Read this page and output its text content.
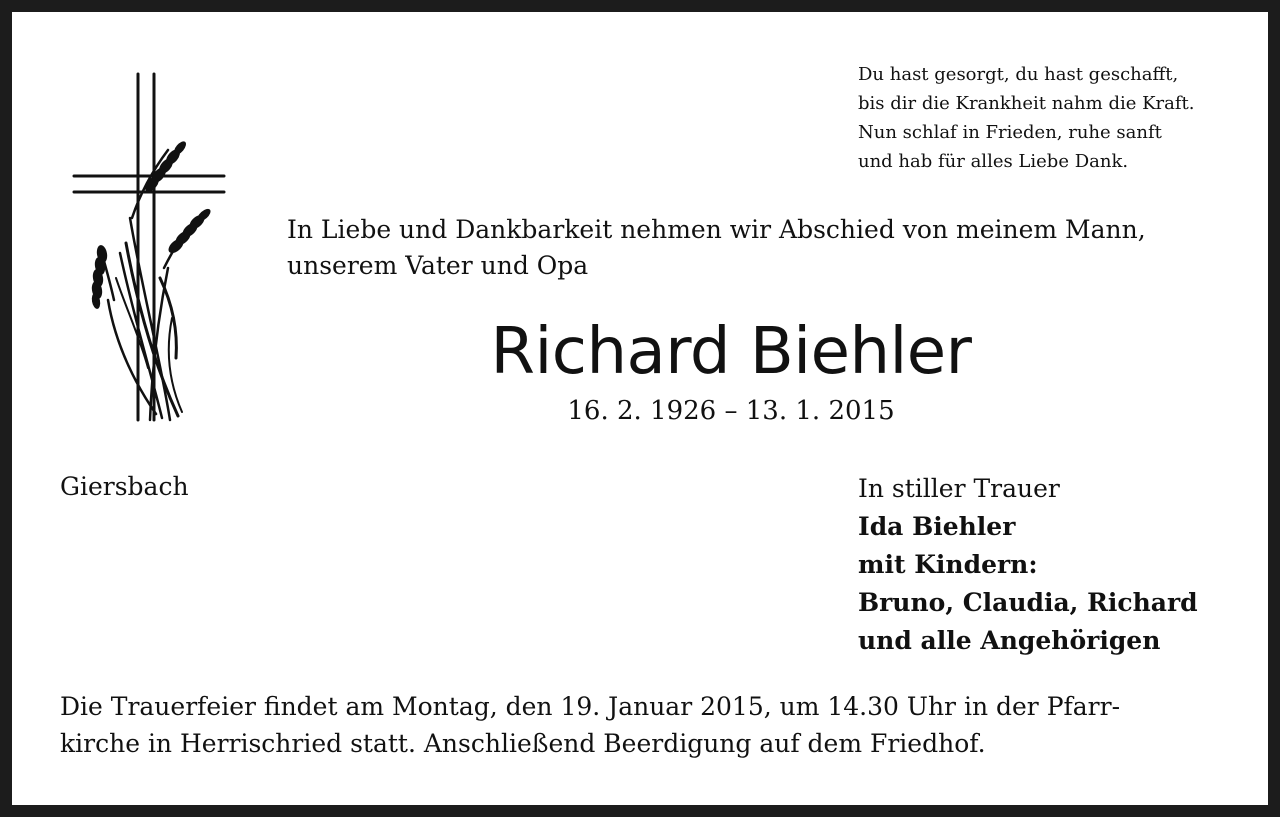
Du hast gesorgt, du hast geschafft,
bis dir die Krankheit nahm die Kraft.
Nun schlaf in Frieden, ruhe sanft
und hab für alles Liebe Dank.
In Liebe und Dankbarkeit nehmen wir Abschied von meinem Mann,
unserem Vater und Opa
Richard Biehler
16. 2. 1926 – 13. 1. 2015
Giersbach	In stiller Trauer
Ida Biehler
mit Kindern:
Bruno, Claudia, Richard
und alle Angehörigen
Die Trauerfeier findet am Montag, den 19. Januar 2015, um 14.30 Uhr in der Pfarr-
kirche in Herrischried statt. Anschließend Beerdigung auf dem Friedhof.
